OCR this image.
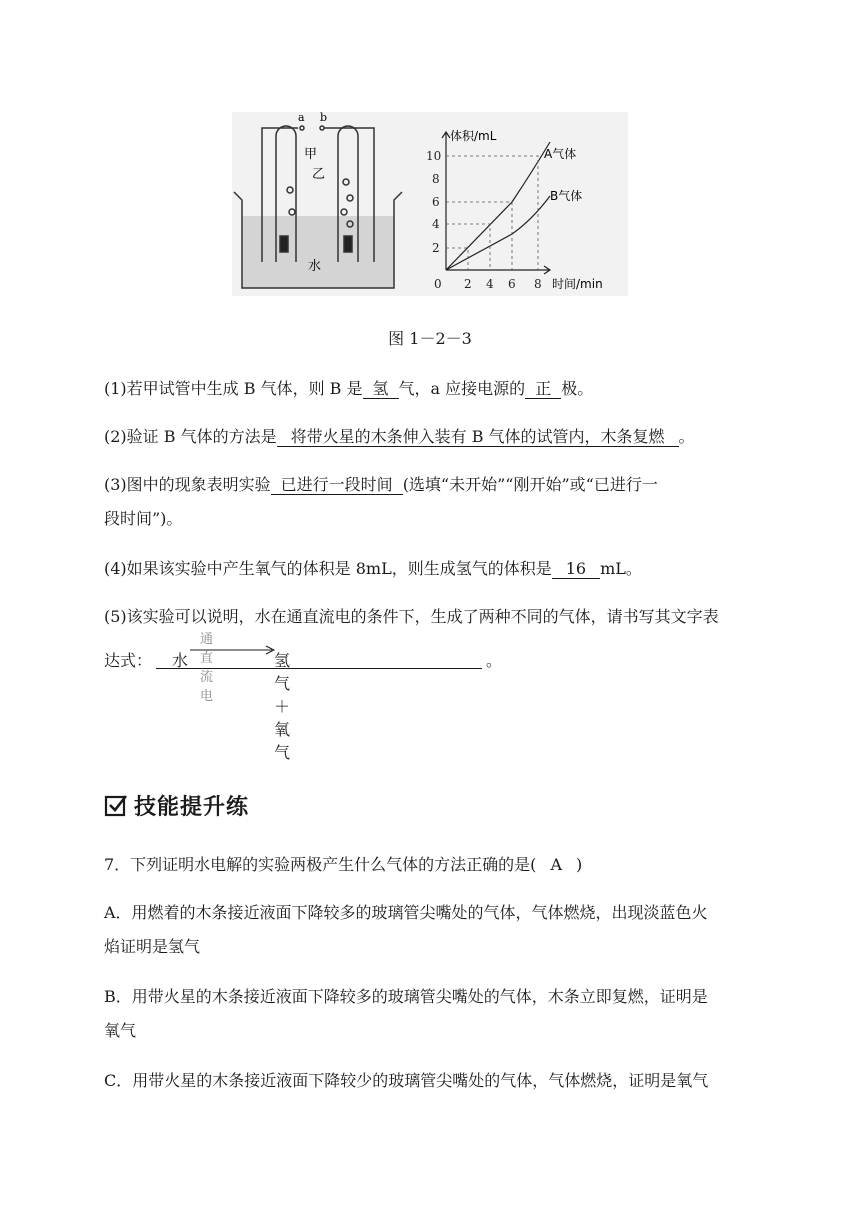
a b
甲
乙
水
体积/mL
时间/min
A气体
B气体
10
8
6
4
2
0 2 4 6 8
图 1－2－3
(1)若甲试管中生成 B 气体，则 B 是 氢 气，a 应接电源的 正 极。
(2)验证 B 气体的方法是 将带火星的木条伸入装有 B 气体的试管内，木条复燃 。
(3)图中的现象表明实验 已进行一段时间 (选填“未开始”“刚开始”或“已进行一
段时间”)。
(4)如果该实验中产生氧气的体积是 8mL，则生成氢气的体积是 16 mL。
(5)该实验可以说明，水在通直流电的条件下，生成了两种不同的气体，请书写其文字表
达式： 水
通直流电
氢气＋氧气
。
技能提升练
7．下列证明水电解的实验两极产生什么气体的方法正确的是( A )
A．用燃着的木条接近液面下降较多的玻璃管尖嘴处的气体，气体燃烧，出现淡蓝色火
焰证明是氢气
B．用带火星的木条接近液面下降较多的玻璃管尖嘴处的气体，木条立即复燃，证明是
氧气
C．用带火星的木条接近液面下降较少的玻璃管尖嘴处的气体，气体燃烧，证明是氧气
